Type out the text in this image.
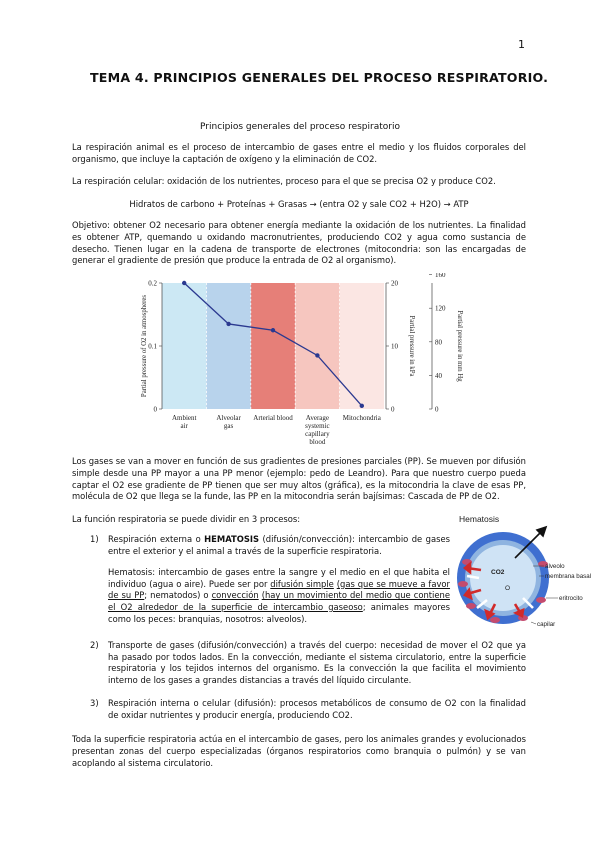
1
TEMA 4. PRINCIPIOS GENERALES DEL PROCESO RESPIRATORIO.
Principios generales del proceso respiratorio
La respiración animal es el proceso de intercambio de gases entre el medio y los fluidos corporales del organismo, que incluye la captación de oxígeno y la eliminación de CO2.
La respiración celular: oxidación de los nutrientes, proceso para el que se precisa O2 y produce CO2.
Hidratos de carbono + Proteínas + Grasas → (entra O2 y sale CO2 + H2O) → ATP
Objetivo: obtener O2 necesario para obtener energía mediante la oxidación de los nutrientes. La finalidad es obtener ATP, quemando u oxidando macronutrientes, produciendo CO2 y agua como sustancia de desecho. Tienen lugar en la cadena de transporte de electrones (mitocondria: son las encargadas de generar el gradiente de presión que produce la entrada de O2 al organismo).
0
0.1
0.2
Partial pressure of O2 in atmospheres
0
10
20
Partial pressure in kPa
0
40
80
120
160
Partial pressure in mm Hg
Ambient
air
Alveolar
gas
Arterial blood Average
systemic
capillary
blood
Mitochondria
Los gases se van a mover en función de sus gradientes de presiones parciales (PP). Se mueven por difusión simple desde una PP mayor a una PP menor (ejemplo: pedo de Leandro). Para que nuestro cuerpo pueda captar el O2 ese gradiente de PP tienen que ser muy altos (gráfica), es la mitocondria la clave de esas PP, molécula de O2 que llega se la funde, las PP en la mitocondria serán bajísimas: Cascada de PP de O2.
La función respiratoria se puede dividir en 3 procesos:
1) Respiración externa o HEMATOSIS (difusión/convección): intercambio de gases entre el exterior y el animal a través de la superficie respiratoria.
Hematosis: intercambio de gases entre la sangre y el medio en el que habita el individuo (agua o aire). Puede ser por difusión simple (gas que se mueve a favor de su PP; nematodos) o convección (hay un movimiento del medio que contiene el O2 alrededor de la superficie de intercambio gaseoso; animales mayores como los peces: branquias, nosotros: alveolos).
2) Transporte de gases (difusión/convección) a través del cuerpo: necesidad de mover el O2 que ya ha pasado por todos lados. En la convección, mediante el sistema circulatorio, entre la superficie respiratoria y los tejidos internos del organismo. Es la convección la que facilita el movimiento interno de los gases a grandes distancias a través del líquido circulante.
3) Respiración interna o celular (difusión): procesos metabólicos de consumo de O2 con la finalidad de oxidar nutrientes y producir energía, produciendo CO2.
Toda la superficie respiratoria actúa en el intercambio de gases, pero los animales grandes y evolucionados presentan zonas del cuerpo especializadas (órganos respiratorios como branquia o pulmón) y se van acoplando al sistema circulatorio.
Hematosis
CO2
O
alveolo
membrana basal
eritrocito
capilar
